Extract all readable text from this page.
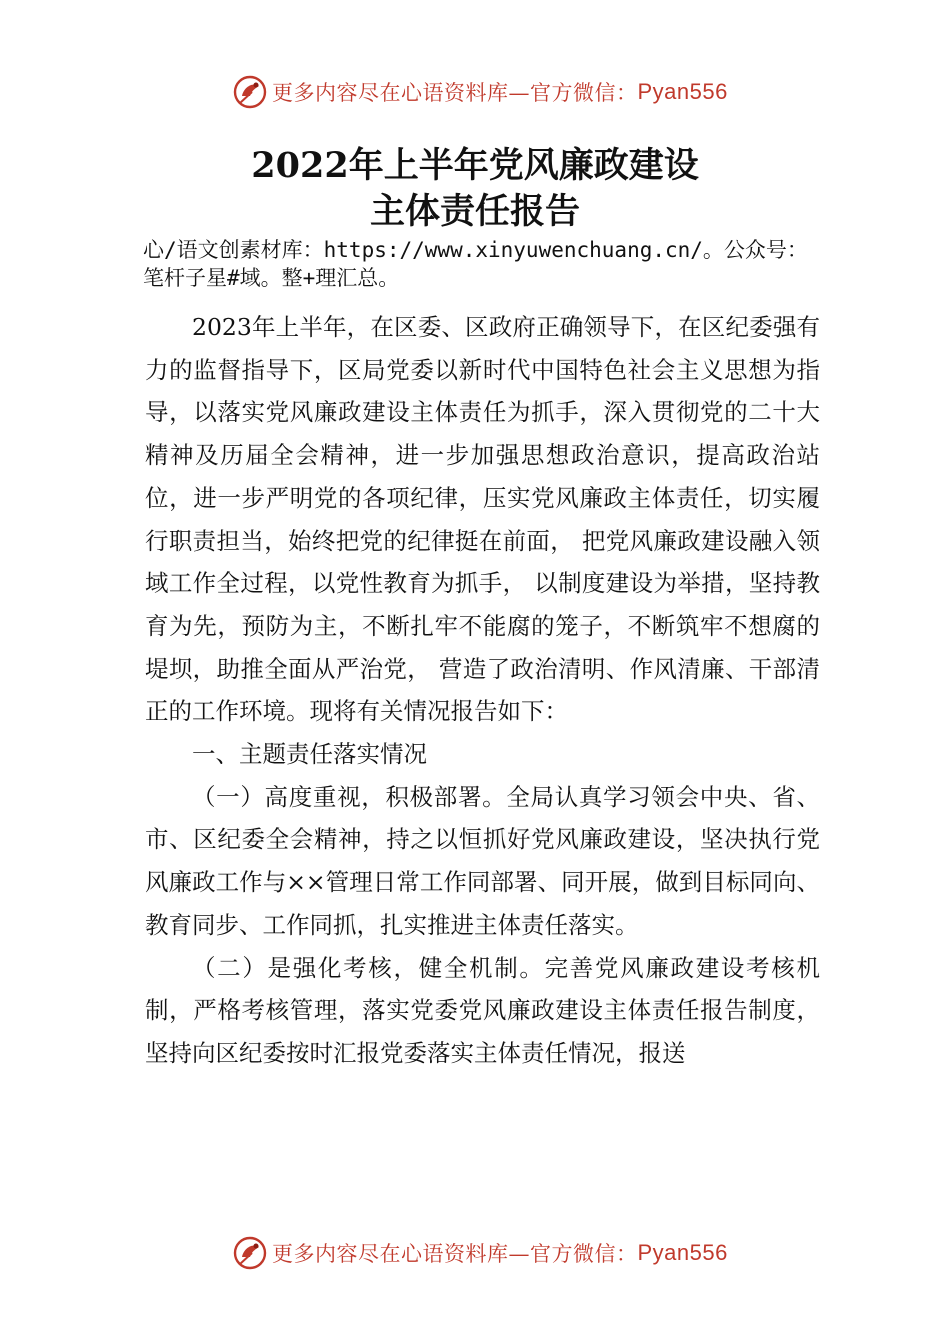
更多内容尽在心语资料库—官方微信： Pyan556
2022年上半年党风廉政建设
主体责任报告
心/语文创素材库：https://www.xinyuwenchuang.cn/。公众号：笔杆子星#域。整+理汇总。

2023年上半年，在区委、区政府正确领导下，在区纪委强有力的监督指导下，区局党委以新时代中国特色社会主义思想为指导，以落实党风廉政建设主体责任为抓手，深入贯彻党的二十大精神及历届全会精神，进一步加强思想政治意识，提高政治站位，进一步严明党的各项纪律，压实党风廉政主体责任，切实履行职责担当，始终把党的纪律挺在前面， 把党风廉政建设融入领域工作全过程，以党性教育为抓手， 以制度建设为举措，坚持教育为先，预防为主，不断扎牢不能腐的笼子，不断筑牢不想腐的堤坝，助推全面从严治党， 营造了政治清明、作风清廉、干部清正的工作环境。现将有关情况报告如下：

一、主题责任落实情况

（一）高度重视，积极部署。全局认真学习领会中央、省、市、区纪委全会精神，持之以恒抓好党风廉政建设，坚决执行党风廉政工作与××管理日常工作同部署、同开展，做到目标同向、教育同步、工作同抓，扎实推进主体责任落实。

（二）是强化考核，健全机制。完善党风廉政建设考核机制，严格考核管理，落实党委党风廉政建设主体责任报告制度，坚持向区纪委按时汇报党委落实主体责任情况，报送

更多内容尽在心语资料库—官方微信： Pyan556
